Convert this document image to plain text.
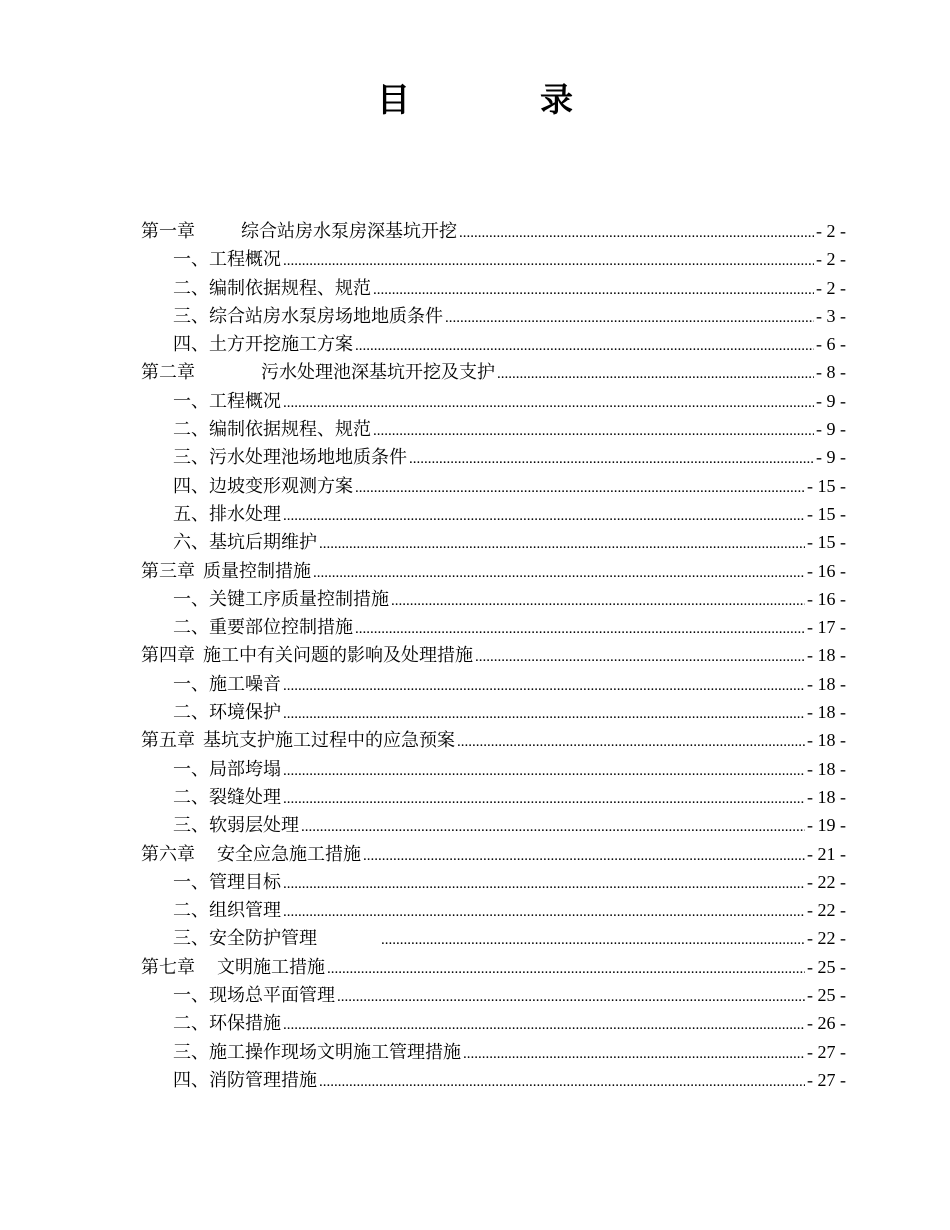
目	录
第一章	综合站房水泵房深基坑开挖 .....	- 2 -
一、工程概况 .....	- 2 -
二、编制依据规程、规范 .....	- 2 -
三、综合站房水泵房场地地质条件 .....	- 3 -
四、土方开挖施工方案 .....	- 6 -
第二章	污水处理池深基坑开挖及支护 .....	- 8 -
一、工程概况 .....	- 9 -
二、编制依据规程、规范 .....	- 9 -
三、污水处理池场地地质条件 .....	- 9 -
四、边坡变形观测方案 .....	- 15 -
五、排水处理 .....	- 15 -
六、基坑后期维护 .....	- 15 -
第三章 质量控制措施 .....	- 16 -
一、关键工序质量控制措施 .....	- 16 -
二、重要部位控制措施 .....	- 17 -
第四章 施工中有关问题的影响及处理措施 .....	- 18 -
一、施工噪音 .....	- 18 -
二、环境保护 .....	- 18 -
第五章 基坑支护施工过程中的应急预案 .....	- 18 -
一、局部垮塌 .....	- 18 -
二、裂缝处理 .....	- 18 -
三、软弱层处理 .....	- 19 -
第六章 安全应急施工措施 .....	- 21 -
一、管理目标 .....	- 22 -
二、组织管理 .....	- 22 -
三、安全防护管理 .....	- 22 -
第七章 文明施工措施 .....	- 25 -
一、现场总平面管理 .....	- 25 -
二、环保措施 .....	- 26 -
三、施工操作现场文明施工管理措施 .....	- 27 -
四、消防管理措施 .....	- 27 -
